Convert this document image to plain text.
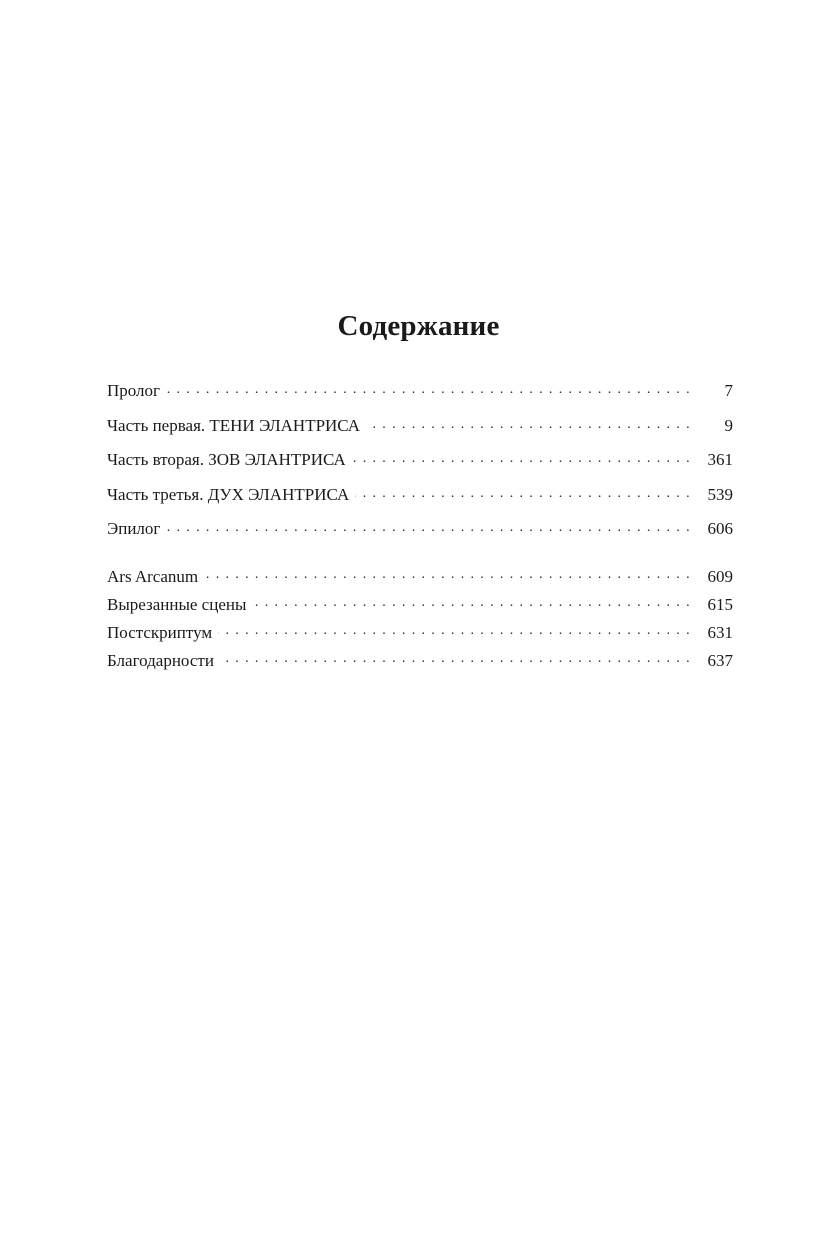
Содержание
Пролог . . .	7
Часть первая. ТЕНИ ЭЛАНТРИСА . . .	9
Часть вторая. ЗОВ ЭЛАНТРИСА . . .	361
Часть третья. ДУХ ЭЛАНТРИСА . . .	539
Эпилог . . .	606
Ars Arcanum . . .	609
Вырезанные сцены . . .	615
Постскриптум . . .	631
Благодарности . . .	637
